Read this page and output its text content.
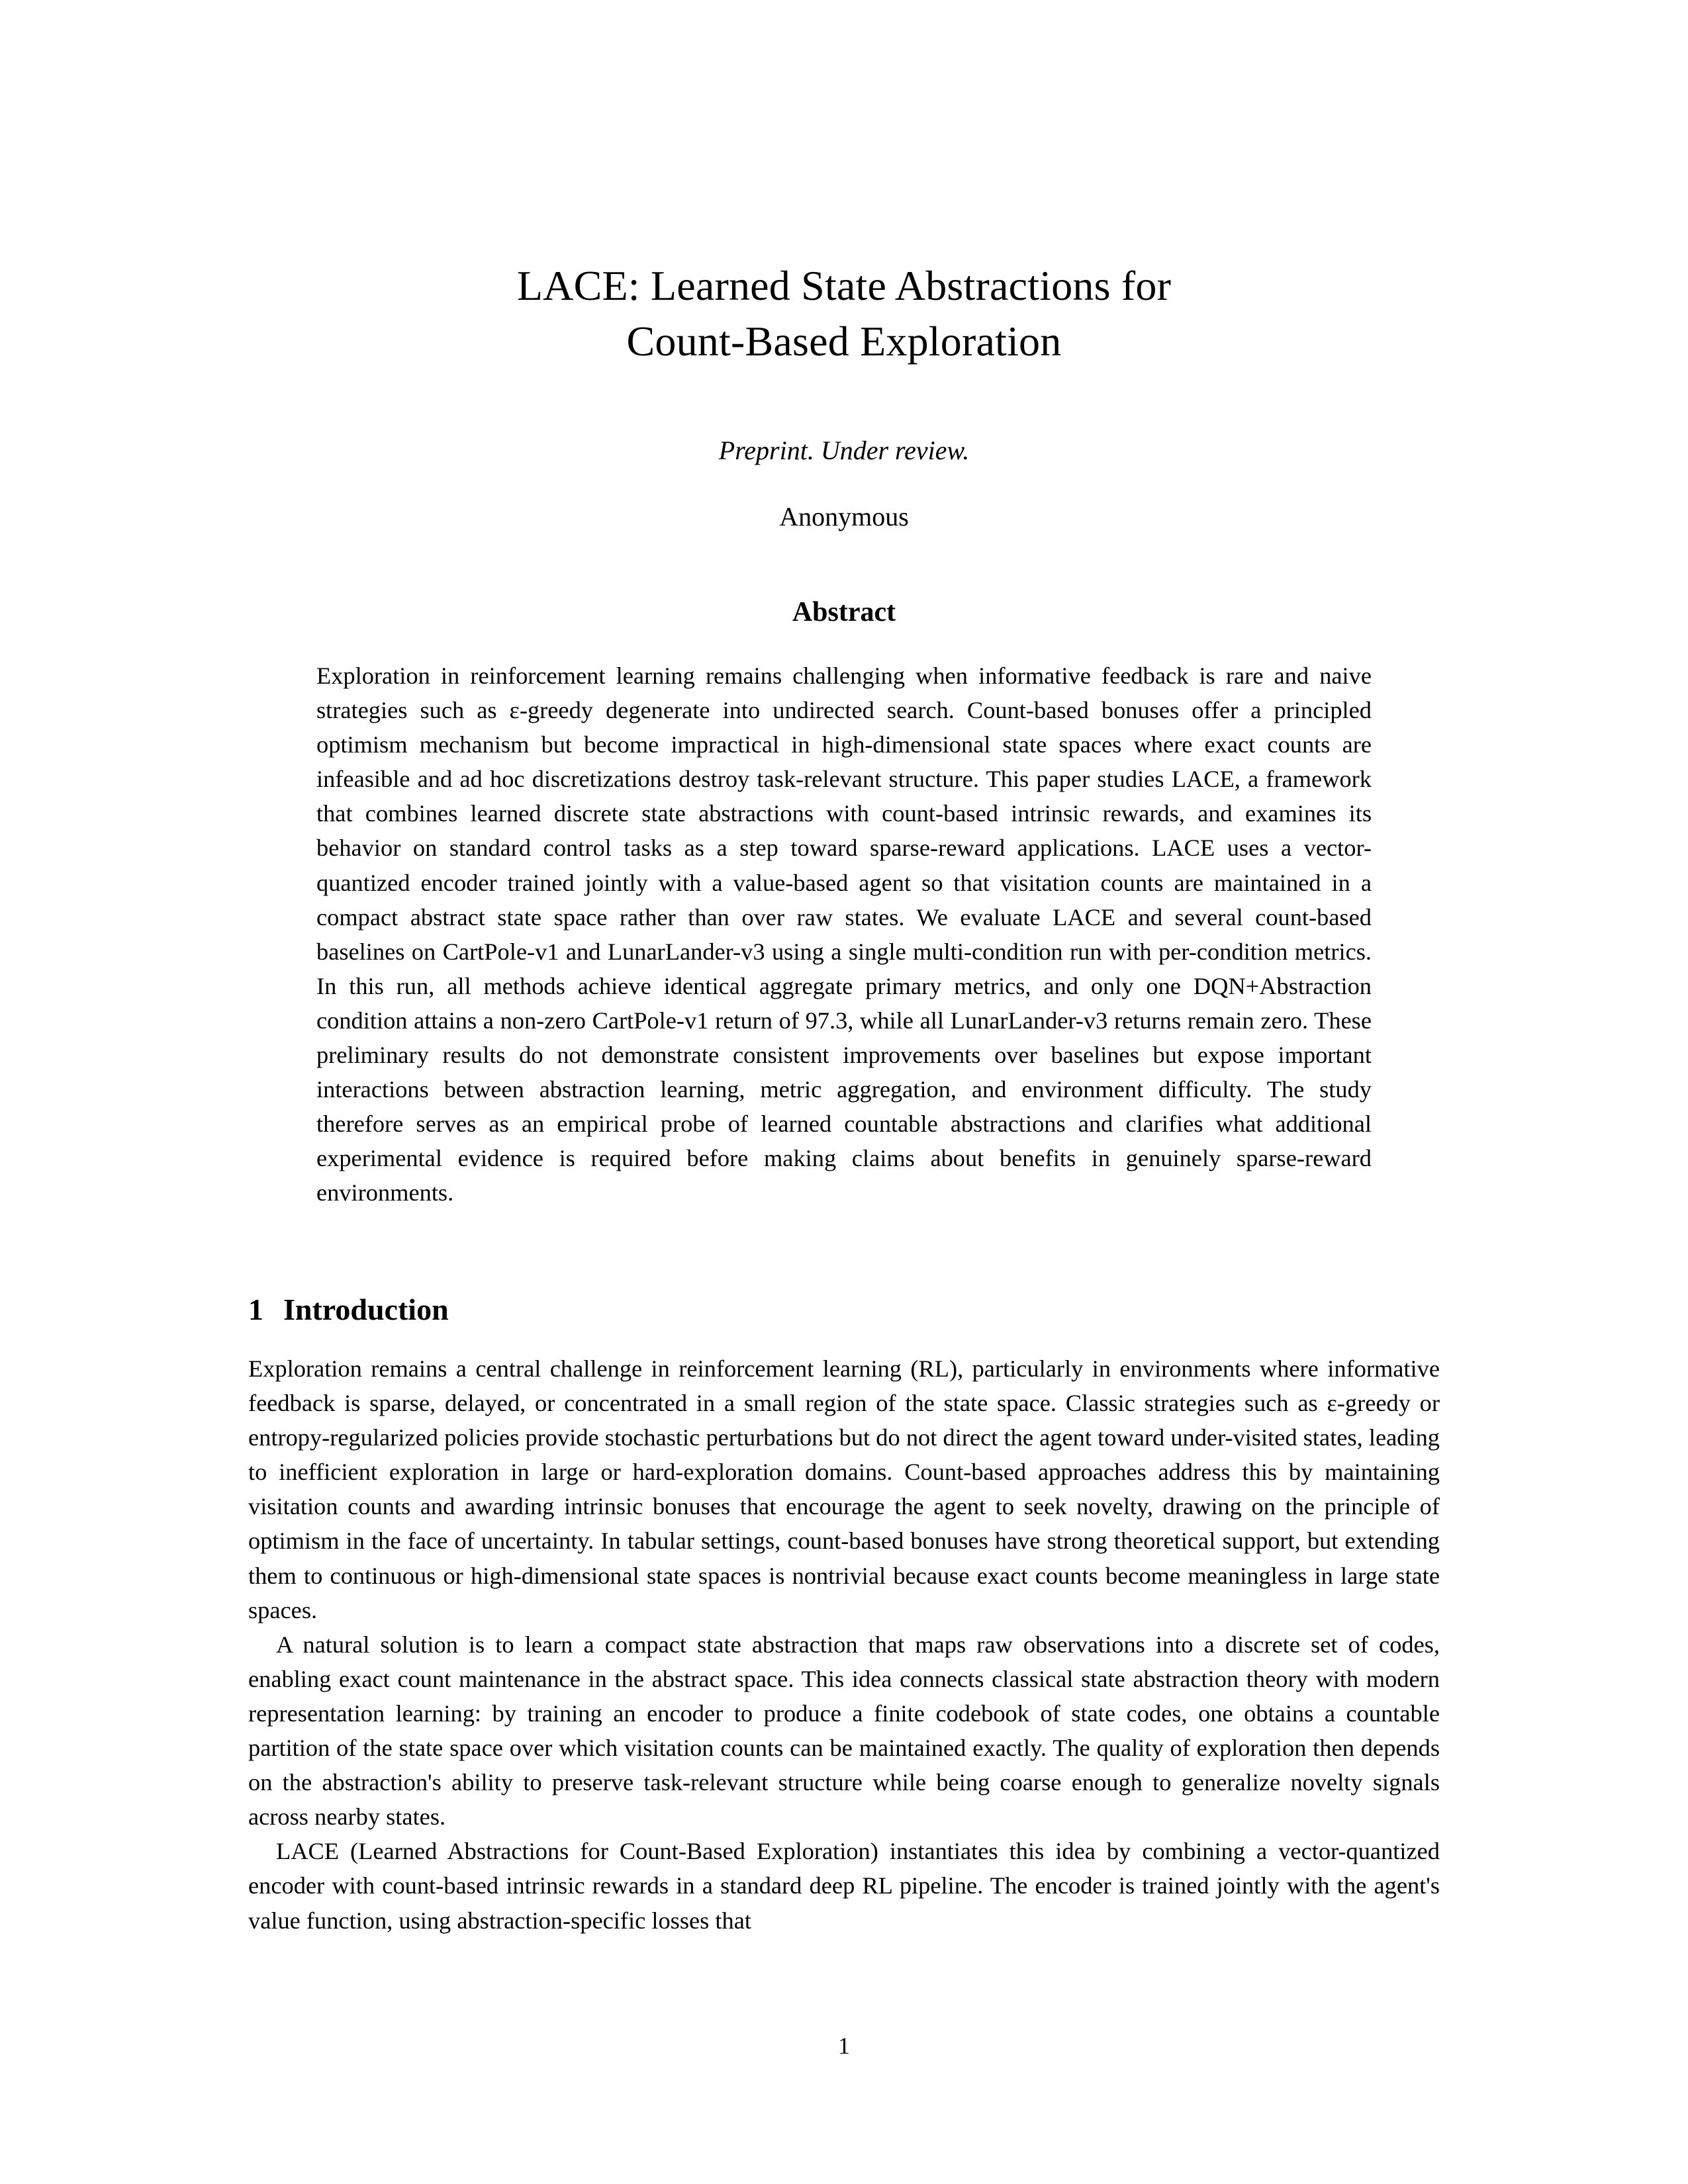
LACE: Learned State Abstractions for
Count-Based Exploration
Preprint. Under review.
Anonymous
Abstract
Exploration in reinforcement learning remains challenging when informative feedback is rare and naive strategies such as ε-greedy degenerate into undirected search. Count-based bonuses offer a principled optimism mechanism but become impractical in high-dimensional state spaces where exact counts are infeasible and ad hoc discretizations destroy task-relevant structure. This paper studies LACE, a framework that combines learned discrete state abstractions with count-based intrinsic rewards, and examines its behavior on standard control tasks as a step toward sparse-reward applications. LACE uses a vector-quantized encoder trained jointly with a value-based agent so that visitation counts are maintained in a compact abstract state space rather than over raw states. We evaluate LACE and several count-based baselines on CartPole-v1 and LunarLander-v3 using a single multi-condition run with per-condition metrics. In this run, all methods achieve identical aggregate primary metrics, and only one DQN+Abstraction condition attains a non-zero CartPole-v1 return of 97.3, while all LunarLander-v3 returns remain zero. These preliminary results do not demonstrate consistent improvements over baselines but expose important interactions between abstraction learning, metric aggregation, and environment difficulty. The study therefore serves as an empirical probe of learned countable abstractions and clarifies what additional experimental evidence is required before making claims about benefits in genuinely sparse-reward environments.
1 Introduction

Exploration remains a central challenge in reinforcement learning (RL), particularly in environments where informative feedback is sparse, delayed, or concentrated in a small region of the state space. Classic strategies such as ε-greedy or entropy-regularized policies provide stochastic perturbations but do not direct the agent toward under-visited states, leading to inefficient exploration in large or hard-exploration domains. Count-based approaches address this by maintaining visitation counts and awarding intrinsic bonuses that encourage the agent to seek novelty, drawing on the principle of optimism in the face of uncertainty. In tabular settings, count-based bonuses have strong theoretical support, but extending them to continuous or high-dimensional state spaces is nontrivial because exact counts become meaningless in large state spaces.

A natural solution is to learn a compact state abstraction that maps raw observations into a discrete set of codes, enabling exact count maintenance in the abstract space. This idea connects classical state abstraction theory with modern representation learning: by training an encoder to produce a finite codebook of state codes, one obtains a countable partition of the state space over which visitation counts can be maintained exactly. The quality of exploration then depends on the abstraction's ability to preserve task-relevant structure while being coarse enough to generalize novelty signals across nearby states.

LACE (Learned Abstractions for Count-Based Exploration) instantiates this idea by combining a vector-quantized encoder with count-based intrinsic rewards in a standard deep RL pipeline. The encoder is trained jointly with the agent's value function, using abstraction-specific losses that

1
